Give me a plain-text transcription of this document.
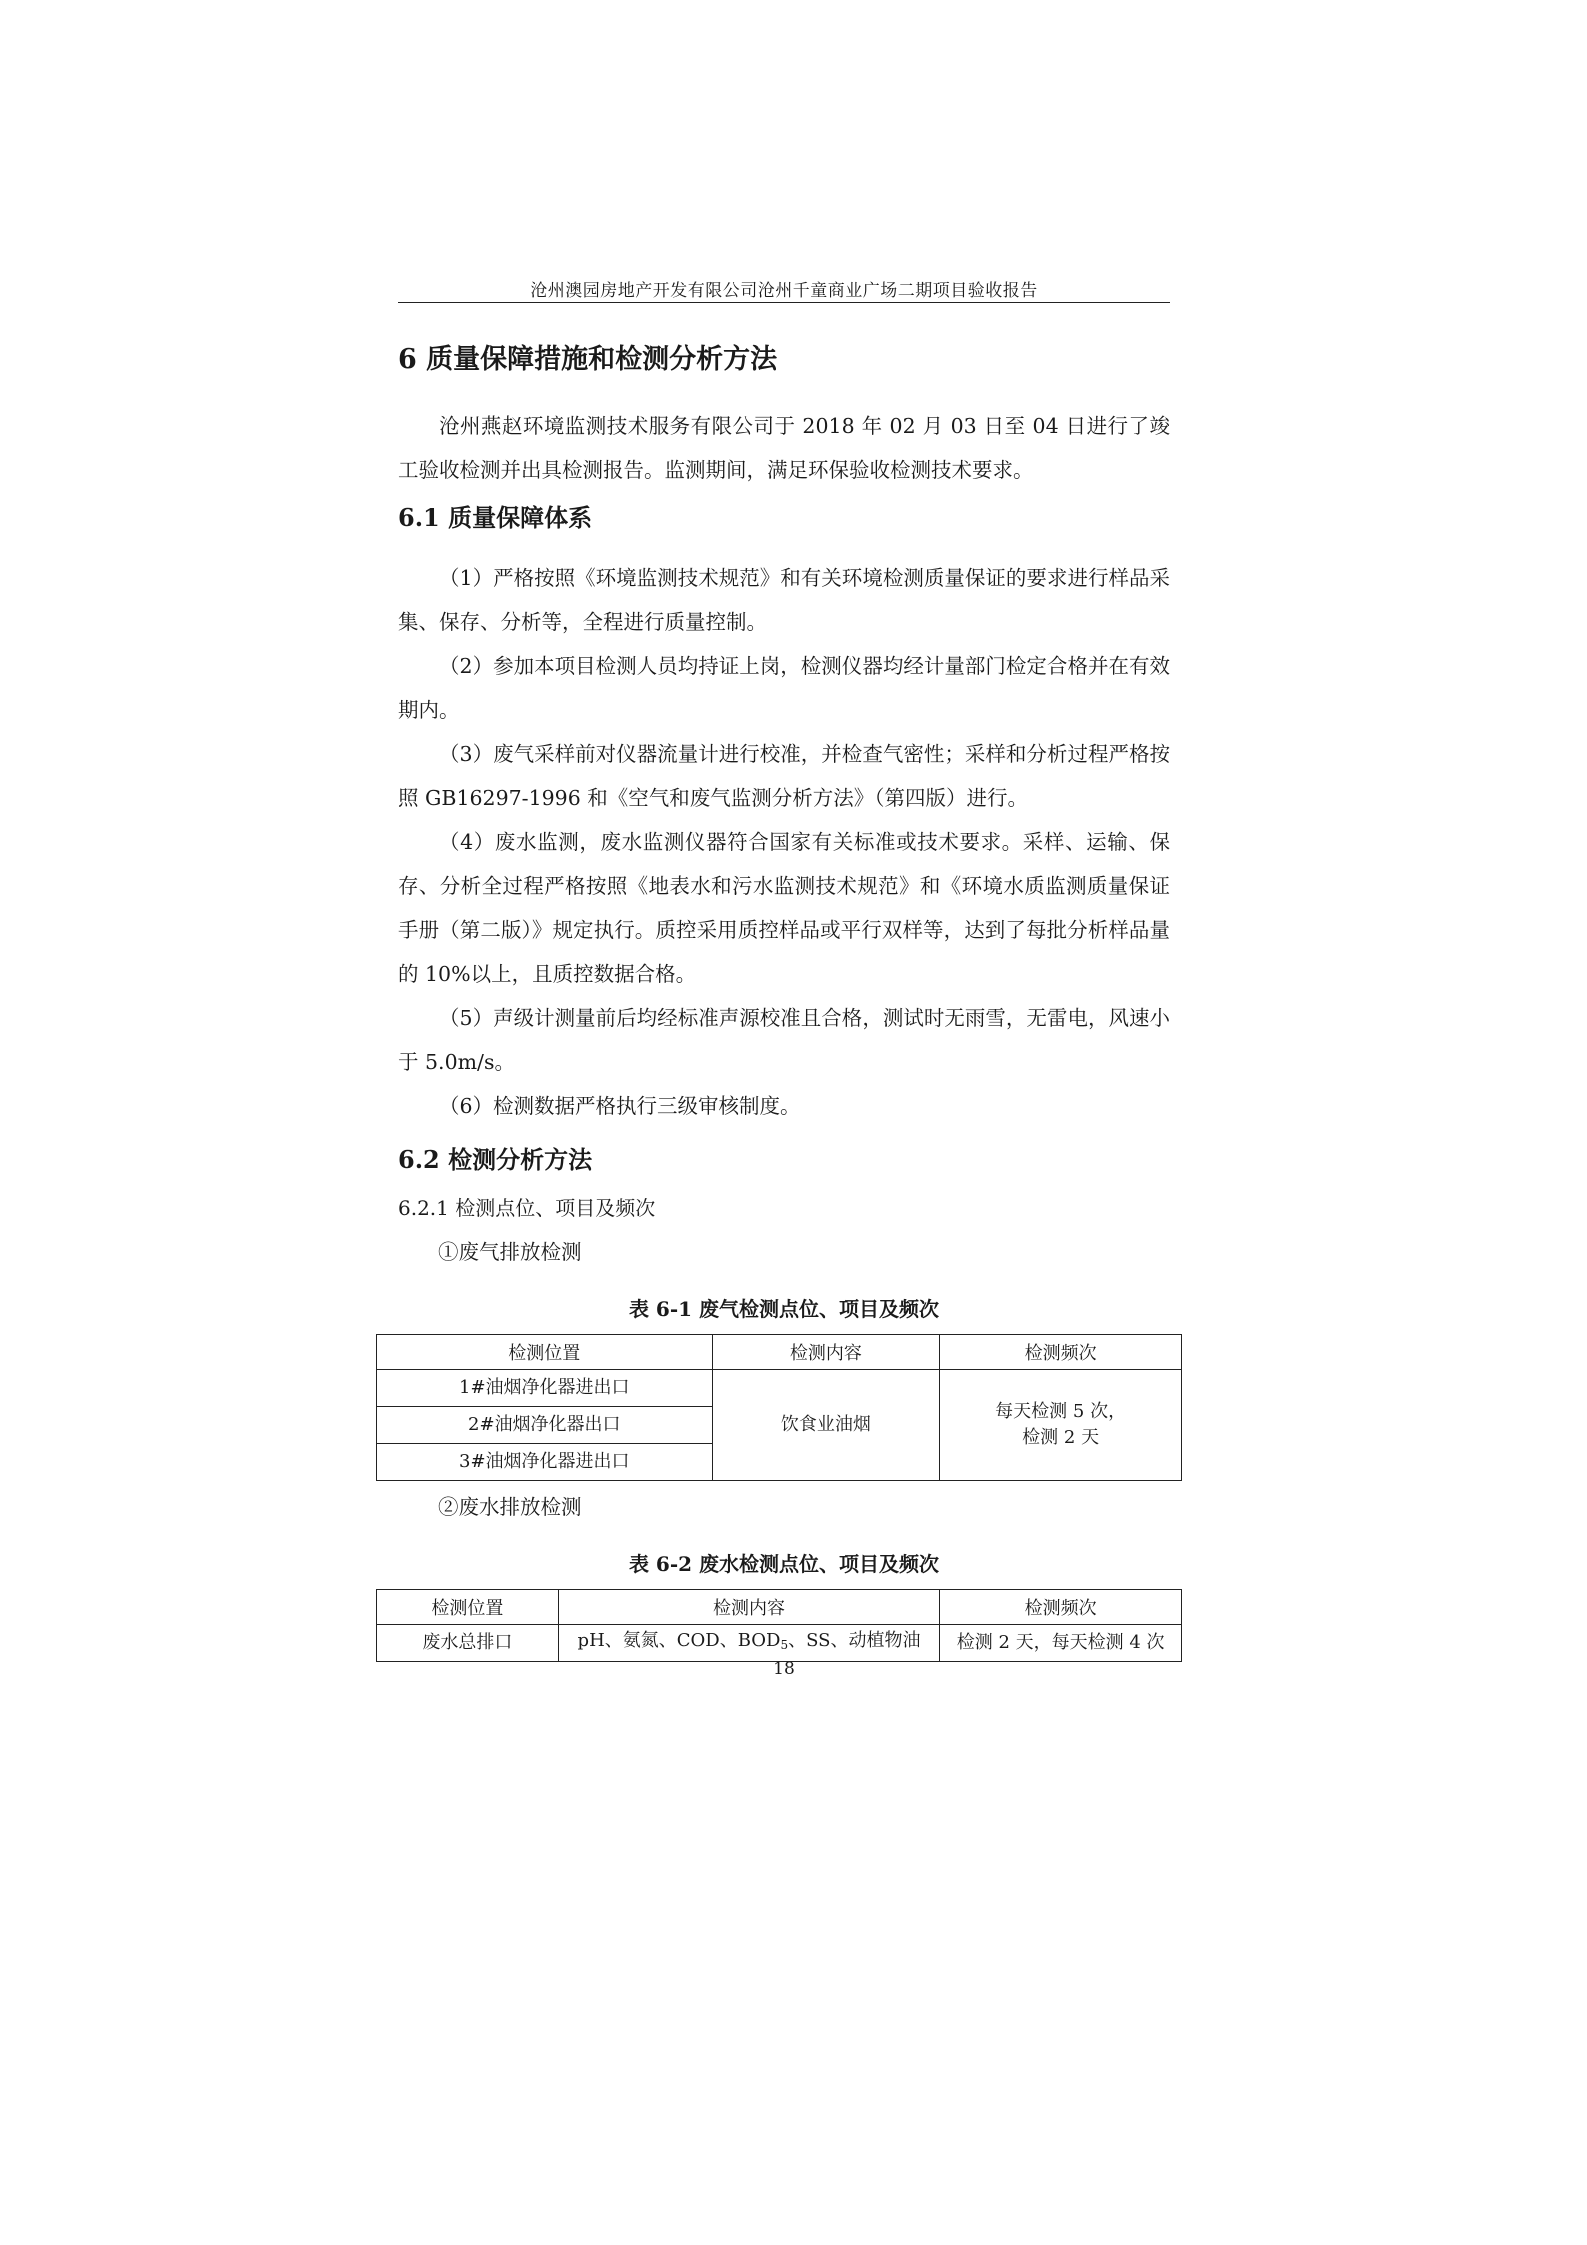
沧州澳园房地产开发有限公司沧州千童商业广场二期项目验收报告
6 质量保障措施和检测分析方法

沧州燕赵环境监测技术服务有限公司于 2018 年 02 月 03 日至 04 日进行了竣工验收检测并出具检测报告。监测期间，满足环保验收检测技术要求。

6.1 质量保障体系

（1）严格按照《环境监测技术规范》和有关环境检测质量保证的要求进行样品采集、保存、分析等，全程进行质量控制。

（2）参加本项目检测人员均持证上岗，检测仪器均经计量部门检定合格并在有效期内。

（3）废气采样前对仪器流量计进行校准，并检查气密性；采样和分析过程严格按照 GB16297-1996 和《空气和废气监测分析方法》（第四版）进行。

（4）废水监测，废水监测仪器符合国家有关标准或技术要求。采样、运输、保存、分析全过程严格按照《地表水和污水监测技术规范》和《环境水质监测质量保证手册（第二版）》规定执行。质控采用质控样品或平行双样等，达到了每批分析样品量的 10%以上，且质控数据合格。

（5）声级计测量前后均经标准声源校准且合格，测试时无雨雪，无雷电，风速小于 5.0m/s。

（6）检测数据严格执行三级审核制度。

6.2 检测分析方法
6.2.1 检测点位、项目及频次
①废气排放检测
表 6-1 废气检测点位、项目及频次
检测位置	检测内容	检测频次
1#油烟净化器进出口	饮食业油烟	每天检测 5 次，
检测 2 天
2#油烟净化器出口		
3#油烟净化器进出口		
②废水排放检测
表 6-2 废水检测点位、项目及频次
检测位置	检测内容	检测频次
废水总排口	pH、氨氮、COD、$BOD_5$、SS、动植物油	检测 2 天，每天检测 4 次
18
